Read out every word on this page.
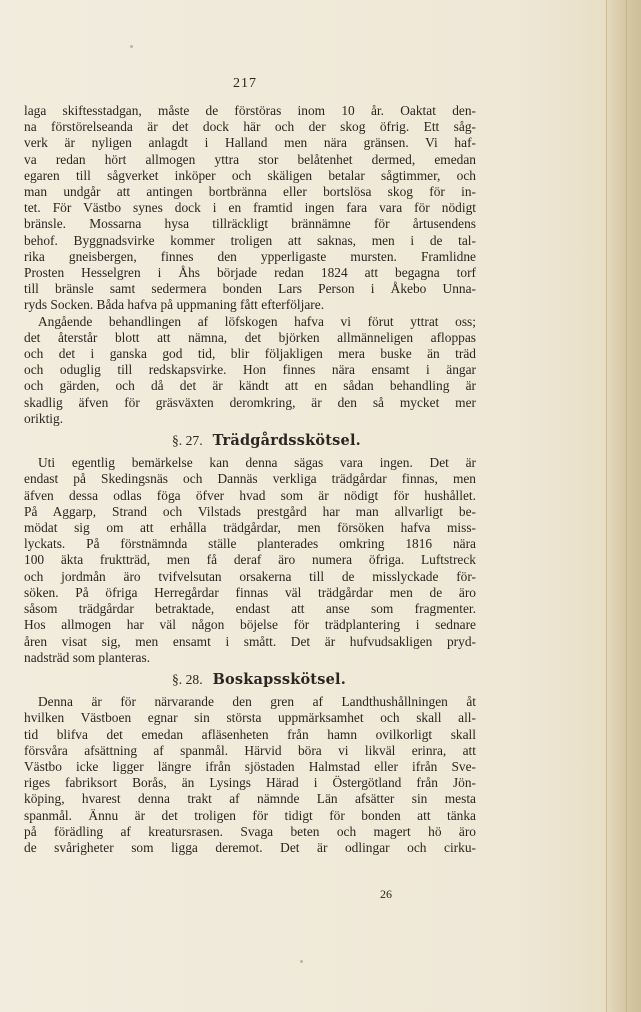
217
laga skiftesstadgan, måste de förstöras inom 10 år. Oaktat den-
na förstörelseanda är det dock här och der skog öfrig. Ett såg-
verk är nyligen anlagdt i Halland men nära gränsen. Vi haf-
va redan hört allmogen yttra stor belåtenhet dermed, emedan
egaren till sågverket inköper och skäligen betalar sågtimmer, och
man undgår att antingen bortbränna eller bortslösa skog för in-
tet. För Västbo synes dock i en framtid ingen fara vara för nödigt
bränsle. Mossarna hysa tillräckligt brännämne för årtusendens
behof. Byggnadsvirke kommer troligen att saknas, men i de tal-
rika gneisbergen, finnes den ypperligaste mursten. Framlidne
Prosten Hesselgren i Åhs började redan 1824 att begagna torf
till bränsle samt sedermera bonden Lars Person i Åkebo Unna-
ryds Socken. Båda hafva på uppmaning fått efterföljare.
Angående behandlingen af löfskogen hafva vi förut yttrat oss;
det återstår blott att nämna, det björken allmänneligen afloppas
och det i ganska god tid, blir följakligen mera buske än träd
och oduglig till redskapsvirke. Hon finnes nära ensamt i ängar
och gärden, och då det är kändt att en sådan behandling är
skadlig äfven för gräsväxten deromkring, är den så mycket mer
oriktig.
§. 27. Trädgårdsskötsel.
Uti egentlig bemärkelse kan denna sägas vara ingen. Det är
endast på Skedingsnäs och Dannäs verkliga trädgårdar finnas, men
äfven dessa odlas föga öfver hvad som är nödigt för hushållet.
På Aggarp, Strand och Vilstads prestgård har man allvarligt be-
mödat sig om att erhålla trädgårdar, men försöken hafva miss-
lyckats. På förstnämnda ställe planterades omkring 1816 nära
100 äkta fruktträd, men få deraf äro numera öfriga. Luftstreck
och jordmån äro tvifvelsutan orsakerna till de misslyckade för-
söken. På öfriga Herregårdar finnas väl trädgårdar men de äro
såsom trädgårdar betraktade, endast att anse som fragmenter.
Hos allmogen har väl någon böjelse för trädplantering i sednare
åren visat sig, men ensamt i smått. Det är hufvudsakligen pryd-
nadsträd som planteras.
§. 28. Boskapsskötsel.
Denna är för närvarande den gren af Landthushållningen åt
hvilken Västboen egnar sin största uppmärksamhet och skall all-
tid blifva det emedan afläsenheten från hamn ovilkorligt skall
försvåra afsättning af spanmål. Härvid böra vi likväl erinra, att
Västbo icke ligger längre ifrån sjöstaden Halmstad eller ifrån Sve-
riges fabriksort Borås, än Lysings Härad i Östergötland från Jön-
köping, hvarest denna trakt af nämnde Län afsätter sin mesta
spanmål. Ännu är det troligen för tidigt för bonden att tänka
på förädling af kreatursrasen. Svaga beten och magert hö äro
de svårigheter som ligga deremot. Det är odlingar och cirku-
26
